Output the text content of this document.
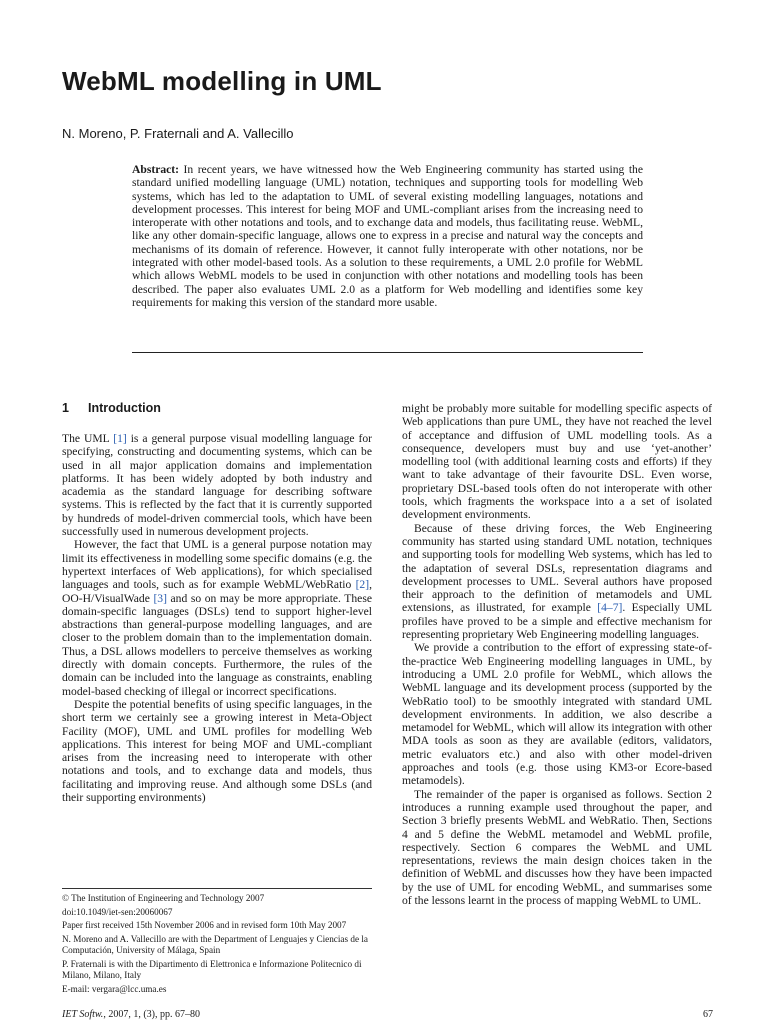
WebML modelling in UML
N. Moreno, P. Fraternali and A. Vallecillo

Abstract: In recent years, we have witnessed how the Web Engineering community has started using the standard unified modelling language (UML) notation, techniques and supporting tools for modelling Web systems, which has led to the adaptation to UML of several existing modelling languages, notations and development processes. This interest for being MOF and UML-compliant arises from the increasing need to interoperate with other notations and tools, and to exchange data and models, thus facilitating reuse. WebML, like any other domain-specific language, allows one to express in a precise and natural way the concepts and mechanisms of its domain of reference. However, it cannot fully interoperate with other notations, nor be integrated with other model-based tools. As a solution to these requirements, a UML 2.0 profile for WebML which allows WebML models to be used in conjunction with other notations and modelling tools has been described. The paper also evaluates UML 2.0 as a platform for Web modelling and identifies some key requirements for making this version of the standard more usable.

1 Introduction

The UML [1] is a general purpose visual modelling language for specifying, constructing and documenting systems, which can be used in all major application domains and implementation platforms. It has been widely adopted by both industry and academia as the standard language for describing software systems. This is reflected by the fact that it is currently supported by hundreds of model-driven commercial tools, which have been successfully used in numerous development projects.

However, the fact that UML is a general purpose notation may limit its effectiveness in modelling some specific domains (e.g. the hypertext interfaces of Web applications), for which specialised languages and tools, such as for example WebML/WebRatio [2], OO-H/VisualWade [3] and so on may be more appropriate. These domain-specific languages (DSLs) tend to support higher-level abstractions than general-purpose modelling languages, and are closer to the problem domain than to the implementation domain. Thus, a DSL allows modellers to perceive themselves as working directly with domain concepts. Furthermore, the rules of the domain can be included into the language as constraints, enabling model-based checking of illegal or incorrect specifications.

Despite the potential benefits of using specific languages, in the short term we certainly see a growing interest in Meta-Object Facility (MOF), UML and UML profiles for modelling Web applications. This interest for being MOF and UML-compliant arises from the increasing need to interoperate with other notations and tools, and to exchange data and models, thus facilitating and improving reuse. And although some DSLs (and their supporting environments)

might be probably more suitable for modelling specific aspects of Web applications than pure UML, they have not reached the level of acceptance and diffusion of UML modelling tools. As a consequence, developers must buy and use ‘yet-another’ modelling tool (with additional learning costs and efforts) if they want to take advantage of their favourite DSL. Even worse, proprietary DSL-based tools often do not interoperate with other tools, which fragments the workspace into a a set of isolated development environments.

Because of these driving forces, the Web Engineering community has started using standard UML notation, techniques and supporting tools for modelling Web systems, which has led to the adaptation of several DSLs, representation diagrams and development processes to UML. Several authors have proposed their approach to the definition of metamodels and UML extensions, as illustrated, for example [4–7]. Especially UML profiles have proved to be a simple and effective mechanism for representing proprietary Web Engineering modelling languages.

We provide a contribution to the effort of expressing state-of-the-practice Web Engineering modelling languages in UML, by introducing a UML 2.0 profile for WebML, which allows the WebML language and its development process (supported by the WebRatio tool) to be smoothly integrated with standard UML development environments. In addition, we also describe a metamodel for WebML, which will allow its integration with other MDA tools as soon as they are available (editors, validators, metric evaluators etc.) and also with other model-driven approaches and tools (e.g. those using KM3-or Ecore-based metamodels).

The remainder of the paper is organised as follows. Section 2 introduces a running example used throughout the paper, and Section 3 briefly presents WebML and WebRatio. Then, Sections 4 and 5 define the WebML metamodel and WebML profile, respectively. Section 6 compares the WebML and UML representations, reviews the main design choices taken in the definition of WebML and discusses how they have been impacted by the use of UML for encoding WebML, and summarises some of the lessons learnt in the process of mapping WebML to UML.

© The Institution of Engineering and Technology 2007

doi:10.1049/iet-sen:20060067

Paper first received 15th November 2006 and in revised form 10th May 2007

N. Moreno and A. Vallecillo are with the Department of Lenguajes y Ciencias de la Computación, University of Málaga, Spain

P. Fraternali is with the Dipartimento di Elettronica e Informazione Politecnico di Milano, Milano, Italy

E-mail: vergara@lcc.uma.es

IET Softw., 2007, 1, (3), pp. 67–80	67
